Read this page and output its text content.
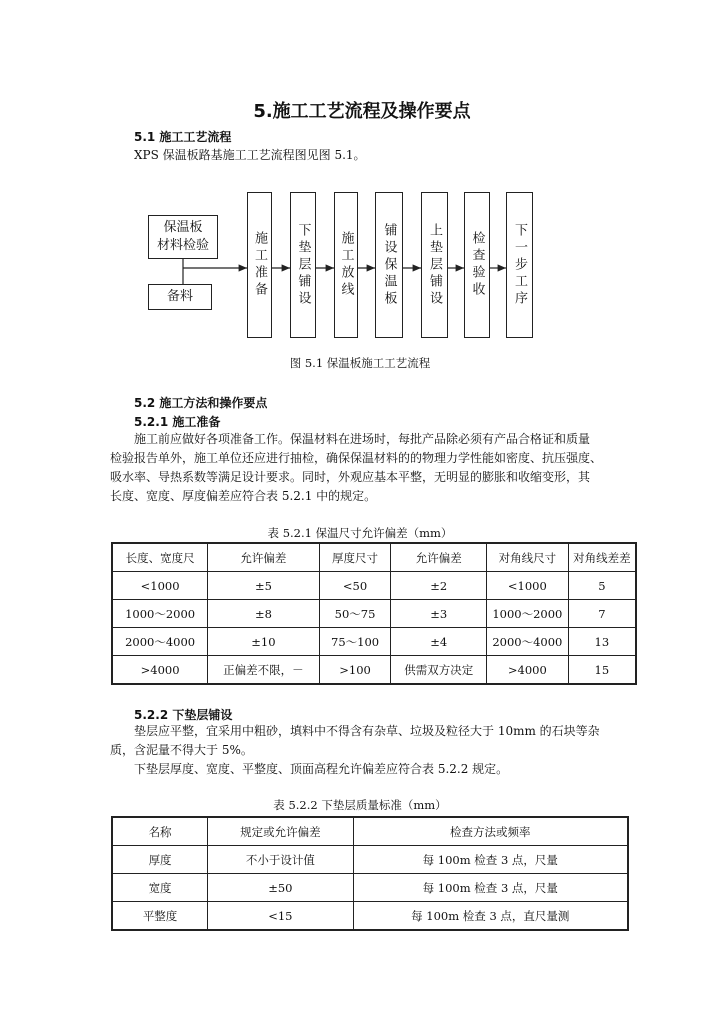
5.施工工艺流程及操作要点
5.1 施工工艺流程
XPS 保温板路基施工工艺流程图见图 5.1。
保温板
材料检验
备料	施工准备 下垫层铺设 施工放线 铺设保温板 上垫层铺设 检查验收 下一步工序
图 5.1 保温板施工工艺流程
5.2 施工方法和操作要点
5.2.1 施工准备
施工前应做好各项准备工作。保温材料在进场时，每批产品除必须有产品合格证和质量
检验报告单外，施工单位还应进行抽检，确保保温材料的的物理力学性能如密度、抗压强度、
吸水率、导热系数等满足设计要求。同时，外观应基本平整，无明显的膨胀和收缩变形，其
长度、宽度、厚度偏差应符合表 5.2.1 中的规定。
表 5.2.1 保温尺寸允许偏差（mm）
长度、宽度尺	允许偏差	厚度尺寸	允许偏差	对角线尺寸	对角线差差
<1000	±5	<50	±2	<1000	5
1000～2000	±8	50～75	±3	1000～2000	7
2000～4000	±10	75～100	±4	2000～4000	13
>4000	正偏差不限，－	>100	供需双方决定	>4000	15
5.2.2 下垫层铺设
垫层应平整，宜采用中粗砂，填料中不得含有杂草、垃圾及粒径大于 10mm 的石块等杂
质，含泥量不得大于 5%。
下垫层厚度、宽度、平整度、顶面高程允许偏差应符合表 5.2.2 规定。
表 5.2.2 下垫层质量标准（mm）
名称	规定或允许偏差	检查方法或频率
厚度	不小于设计值	每 100m 检查 3 点，尺量
宽度	±50	每 100m 检查 3 点，尺量
平整度	<15	每 100m 检查 3 点，直尺量测
